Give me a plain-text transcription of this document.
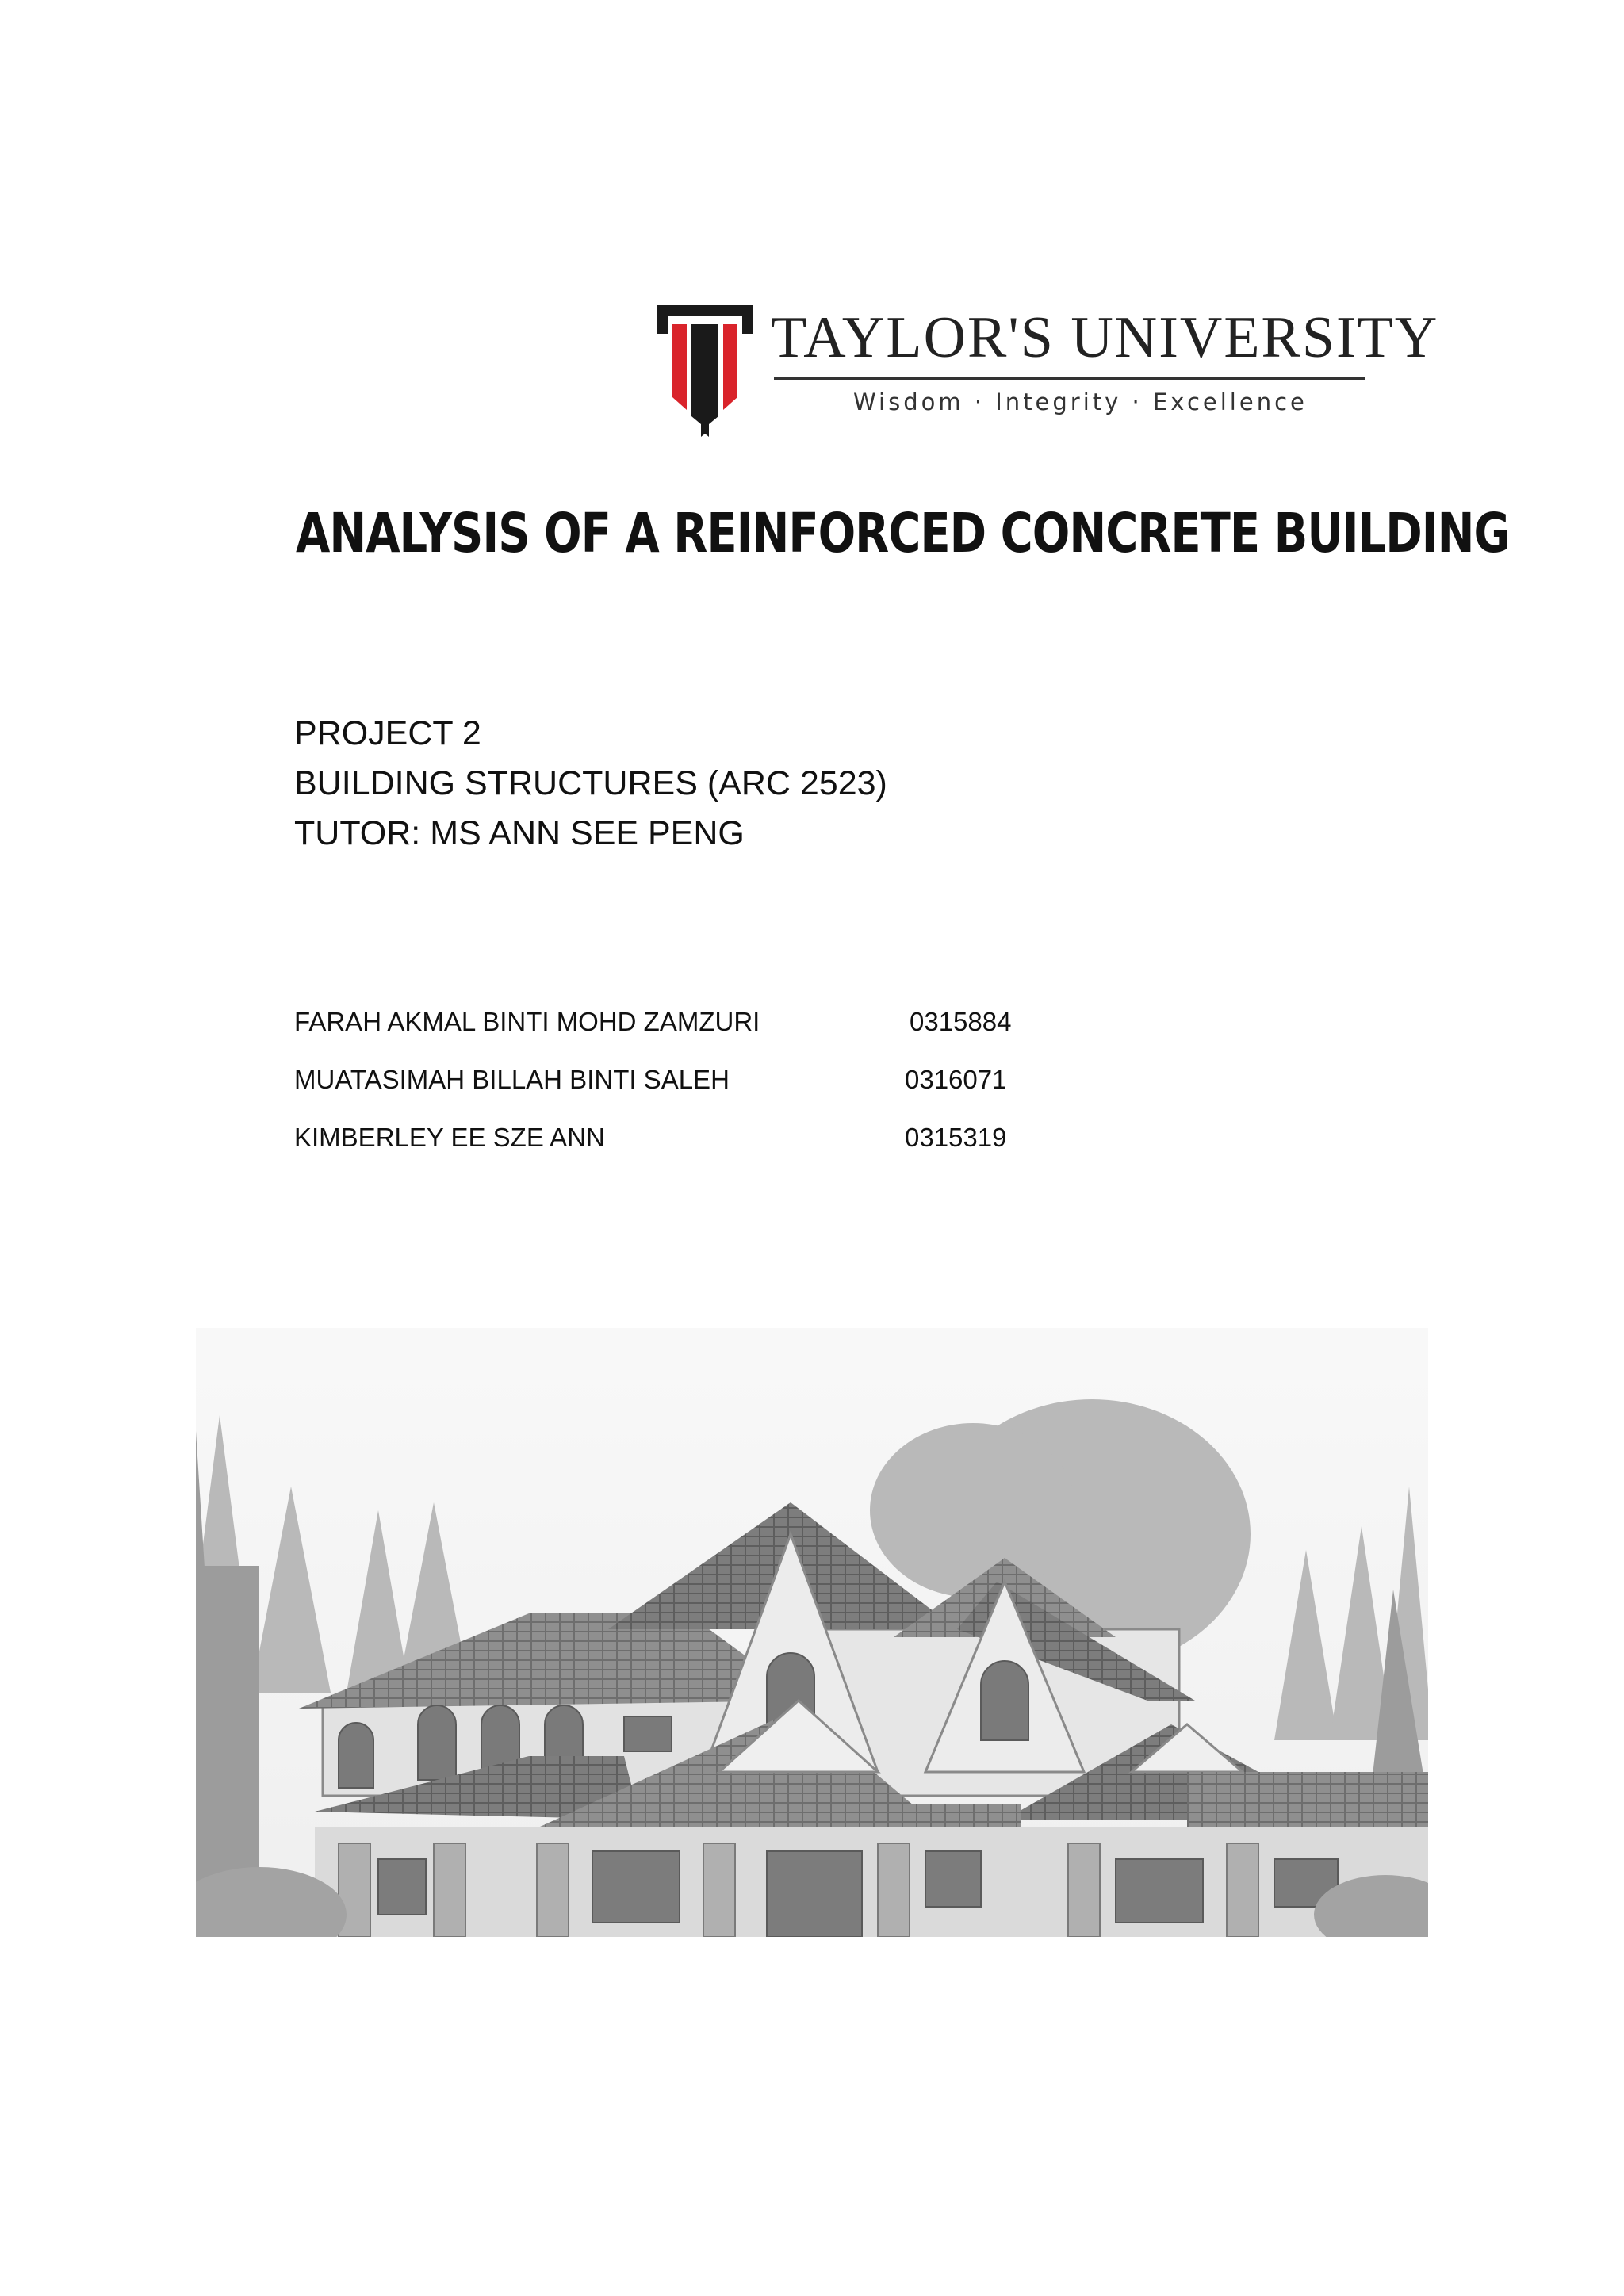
TAYLOR'S UNIVERSITY
Wisdom · Integrity · Excellence
ANALYSIS OF A REINFORCED CONCRETE BUILDING
PROJECT 2
BUILDING STRUCTURES (ARC 2523)
TUTOR: MS ANN SEE PENG
FARAH AKMAL BINTI MOHD ZAMZURI	0315884
MUATASIMAH BILLAH BINTI SALEH	0316071
KIMBERLEY EE SZE ANN	0315319
